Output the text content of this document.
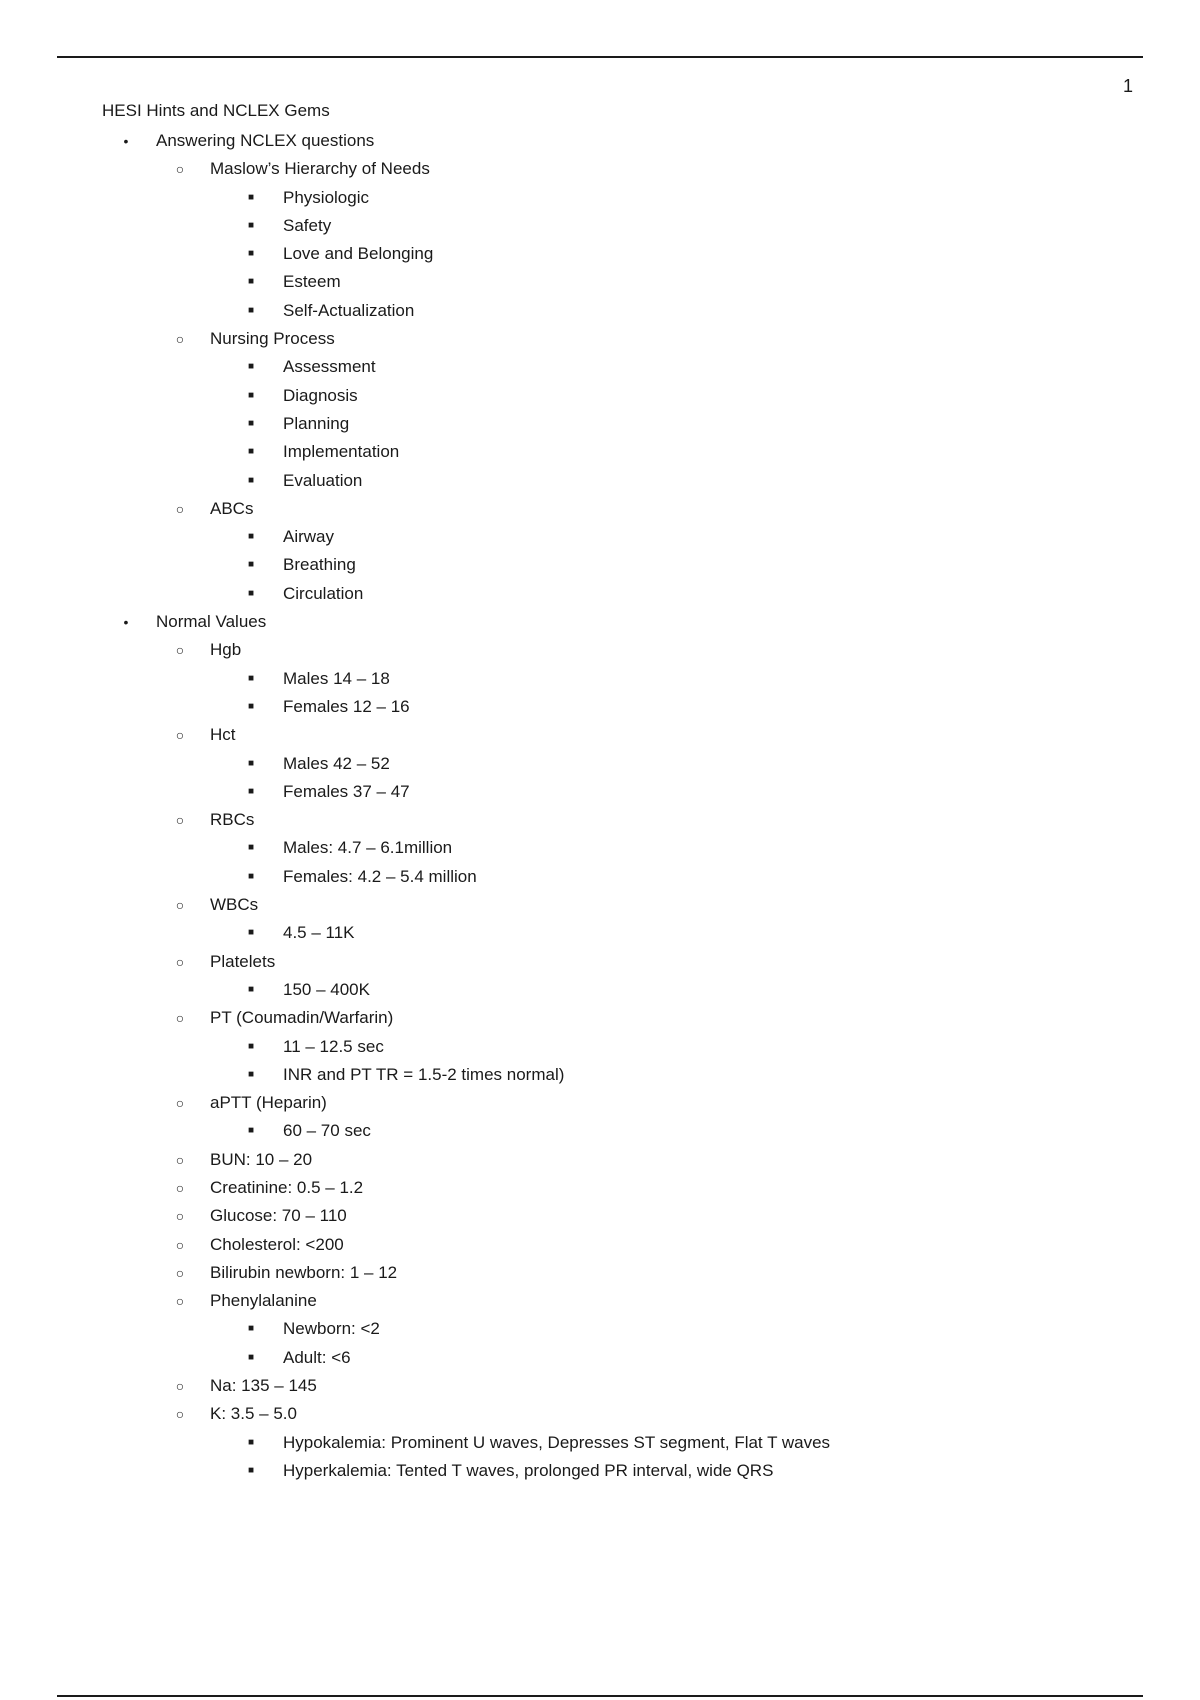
1
HESI Hints and NCLEX Gems
•	Answering NCLEX questions
○ Maslow’s Hierarchy of Needs
■ Physiologic
■ Safety
■ Love and Belonging
■ Esteem
■ Self-Actualization
○ Nursing Process
■ Assessment
■ Diagnosis
■ Planning
■ Implementation
■ Evaluation
○ ABCs
■ Airway
■ Breathing
■ Circulation
•	Normal Values
○ Hgb
■ Males 14 – 18
■ Females 12 – 16
○ Hct
■ Males 42 – 52
■ Females 37 – 47
○ RBCs
■ Males: 4.7 – 6.1million
■ Females: 4.2 – 5.4 million
○ WBCs
■ 4.5 – 11K
○ Platelets
■ 150 – 400K
○ PT (Coumadin/Warfarin)
■ 11 – 12.5 sec
■ INR and PT TR = 1.5-2 times normal)
○ aPTT (Heparin)
■ 60 – 70 sec
○ BUN: 10 – 20
○ Creatinine: 0.5 – 1.2
○ Glucose: 70 – 110
○ Cholesterol: <200
○ Bilirubin newborn: 1 – 12
○ Phenylalanine
■ Newborn: <2
■ Adult: <6
○ Na: 135 – 145
○ K: 3.5 – 5.0
■ Hypokalemia: Prominent U waves, Depresses ST segment, Flat T waves
■ Hyperkalemia: Tented T waves, prolonged PR interval, wide QRS
